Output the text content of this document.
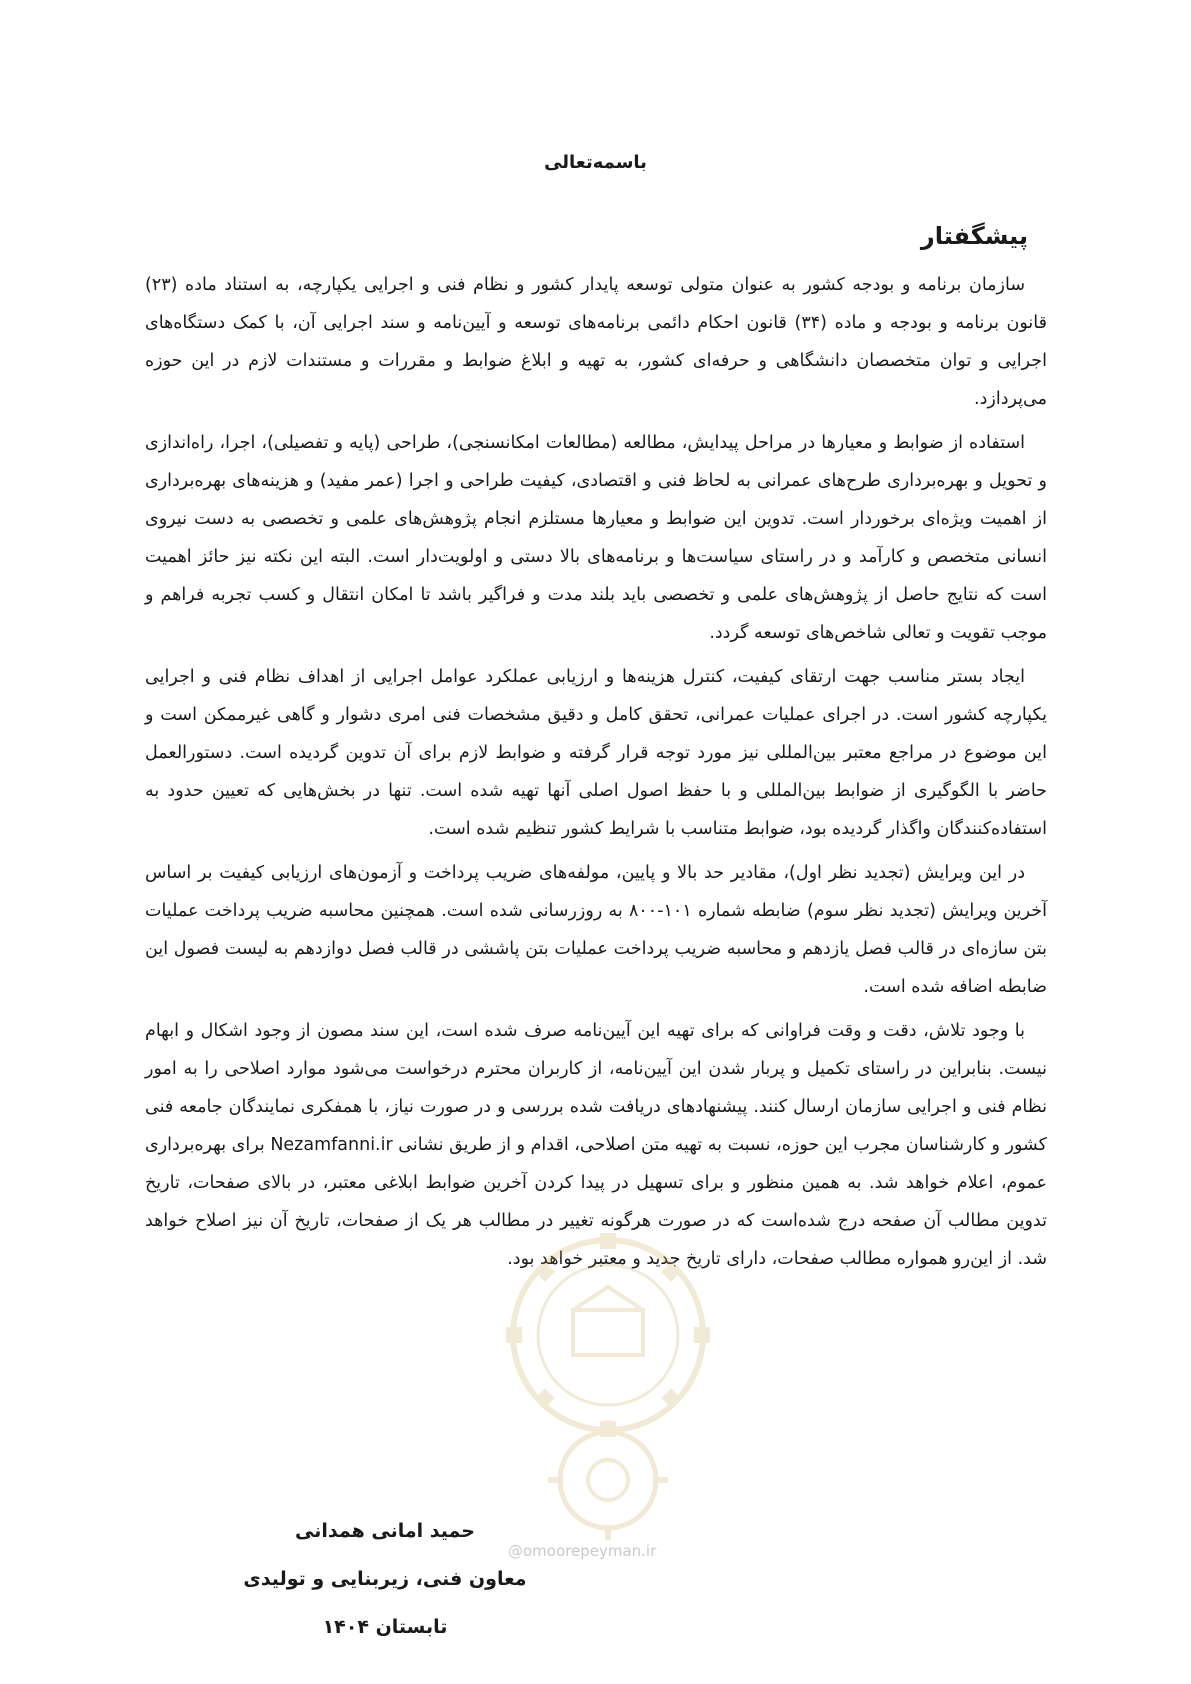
باسمه‌تعالی
پیشگفتار

سازمان برنامه و بودجه کشور به عنوان متولی توسعه پایدار کشور و نظام فنی و اجرایی یکپارچه، به استناد ماده (۲۳) قانون برنامه و بودجه و ماده (۳۴) قانون احکام دائمی برنامه‌های توسعه و آیین‌نامه و سند اجرایی آن، با کمک دستگاه‌های اجرایی و توان متخصصان دانشگاهی و حرفه‌ای کشور، به تهیه و ابلاغ ضوابط و مقررات و مستندات لازم در این حوزه می‌پردازد.

استفاده از ضوابط و معیارها در مراحل پیدایش، مطالعه (مطالعات امکانسنجی)، طراحی (پایه و تفصیلی)، اجرا، راه‌اندازی و تحویل و بهره‌برداری طرح‌های عمرانی به لحاظ فنی و اقتصادی، کیفیت طراحی و اجرا (عمر مفید) و هزینه‌های بهره‌برداری از اهمیت ویژه‌ای برخوردار است. تدوین این ضوابط و معیارها مستلزم انجام پژوهش‌های علمی و تخصصی به دست نیروی انسانی متخصص و کارآمد و در راستای سیاست‌ها و برنامه‌های بالا دستی و اولویت‌دار است. البته این نکته نیز حائز اهمیت است که نتایج حاصل از پژوهش‌های علمی و تخصصی باید بلند مدت و فراگیر باشد تا امکان انتقال و کسب تجربه فراهم و موجب تقویت و تعالی شاخص‌های توسعه گردد.

ایجاد بستر مناسب جهت ارتقای کیفیت، کنترل هزینه‌ها و ارزیابی عملکرد عوامل اجرایی از اهداف نظام فنی و اجرایی یکپارچه کشور است. در اجرای عملیات عمرانی، تحقق کامل و دقیق مشخصات فنی امری دشوار و گاهی غیرممکن است و این موضوع در مراجع معتبر بین‌المللی نیز مورد توجه قرار گرفته و ضوابط لازم برای آن تدوین گردیده است. دستورالعمل حاضر با الگوگیری از ضوابط بین‌المللی و با حفظ اصول اصلی آنها تهیه شده است. تنها در بخش‌هایی که تعیین حدود به استفاده‌کنندگان واگذار گردیده بود، ضوابط متناسب با شرایط کشور تنظیم شده است.

در این ویرایش (تجدید نظر اول)، مقادیر حد بالا و پایین، مولفه‌های ضریب پرداخت و آزمون‌های ارزیابی کیفیت بر اساس آخرین ویرایش (تجدید نظر سوم) ضابطه شماره ۱۰۱-۸۰۰ به روزرسانی شده است. همچنین محاسبه ضریب پرداخت عملیات بتن سازه‌ای در قالب فصل یازدهم و محاسبه ضریب پرداخت عملیات بتن پاششی در قالب فصل دوازدهم به لیست فصول این ضابطه اضافه شده است.

با وجود تلاش، دقت و وقت فراوانی که برای تهیه این آیین‌نامه صرف شده است، این سند مصون از وجود اشکال و ابهام نیست. بنابراین در راستای تکمیل و پربار شدن این آیین‌نامه، از کاربران محترم درخواست می‌شود موارد اصلاحی را به امور نظام فنی و اجرایی سازمان ارسال کنند. پیشنهادهای دریافت شده بررسی و در صورت نیاز، با همفکری نمایندگان جامعه فنی کشور و کارشناسان مجرب این حوزه، نسبت به تهیه متن اصلاحی، اقدام و از طریق نشانی Nezamfanni.ir برای بهره‌برداری عموم، اعلام خواهد شد. به همین منظور و برای تسهیل در پیدا کردن آخرین ضوابط ابلاغی معتبر، در بالای صفحات، تاریخ تدوین مطالب آن صفحه درج شده‌است که در صورت هرگونه تغییر در مطالب هر یک از صفحات، تاریخ آن نیز اصلاح خواهد شد. از این‌رو همواره مطالب صفحات، دارای تاریخ جدید و معتبر خواهد بود.

حمید امانی همدانی
معاون فنی، زیربنایی و تولیدی
تابستان ۱۴۰۴
@omoorepeyman.ir
